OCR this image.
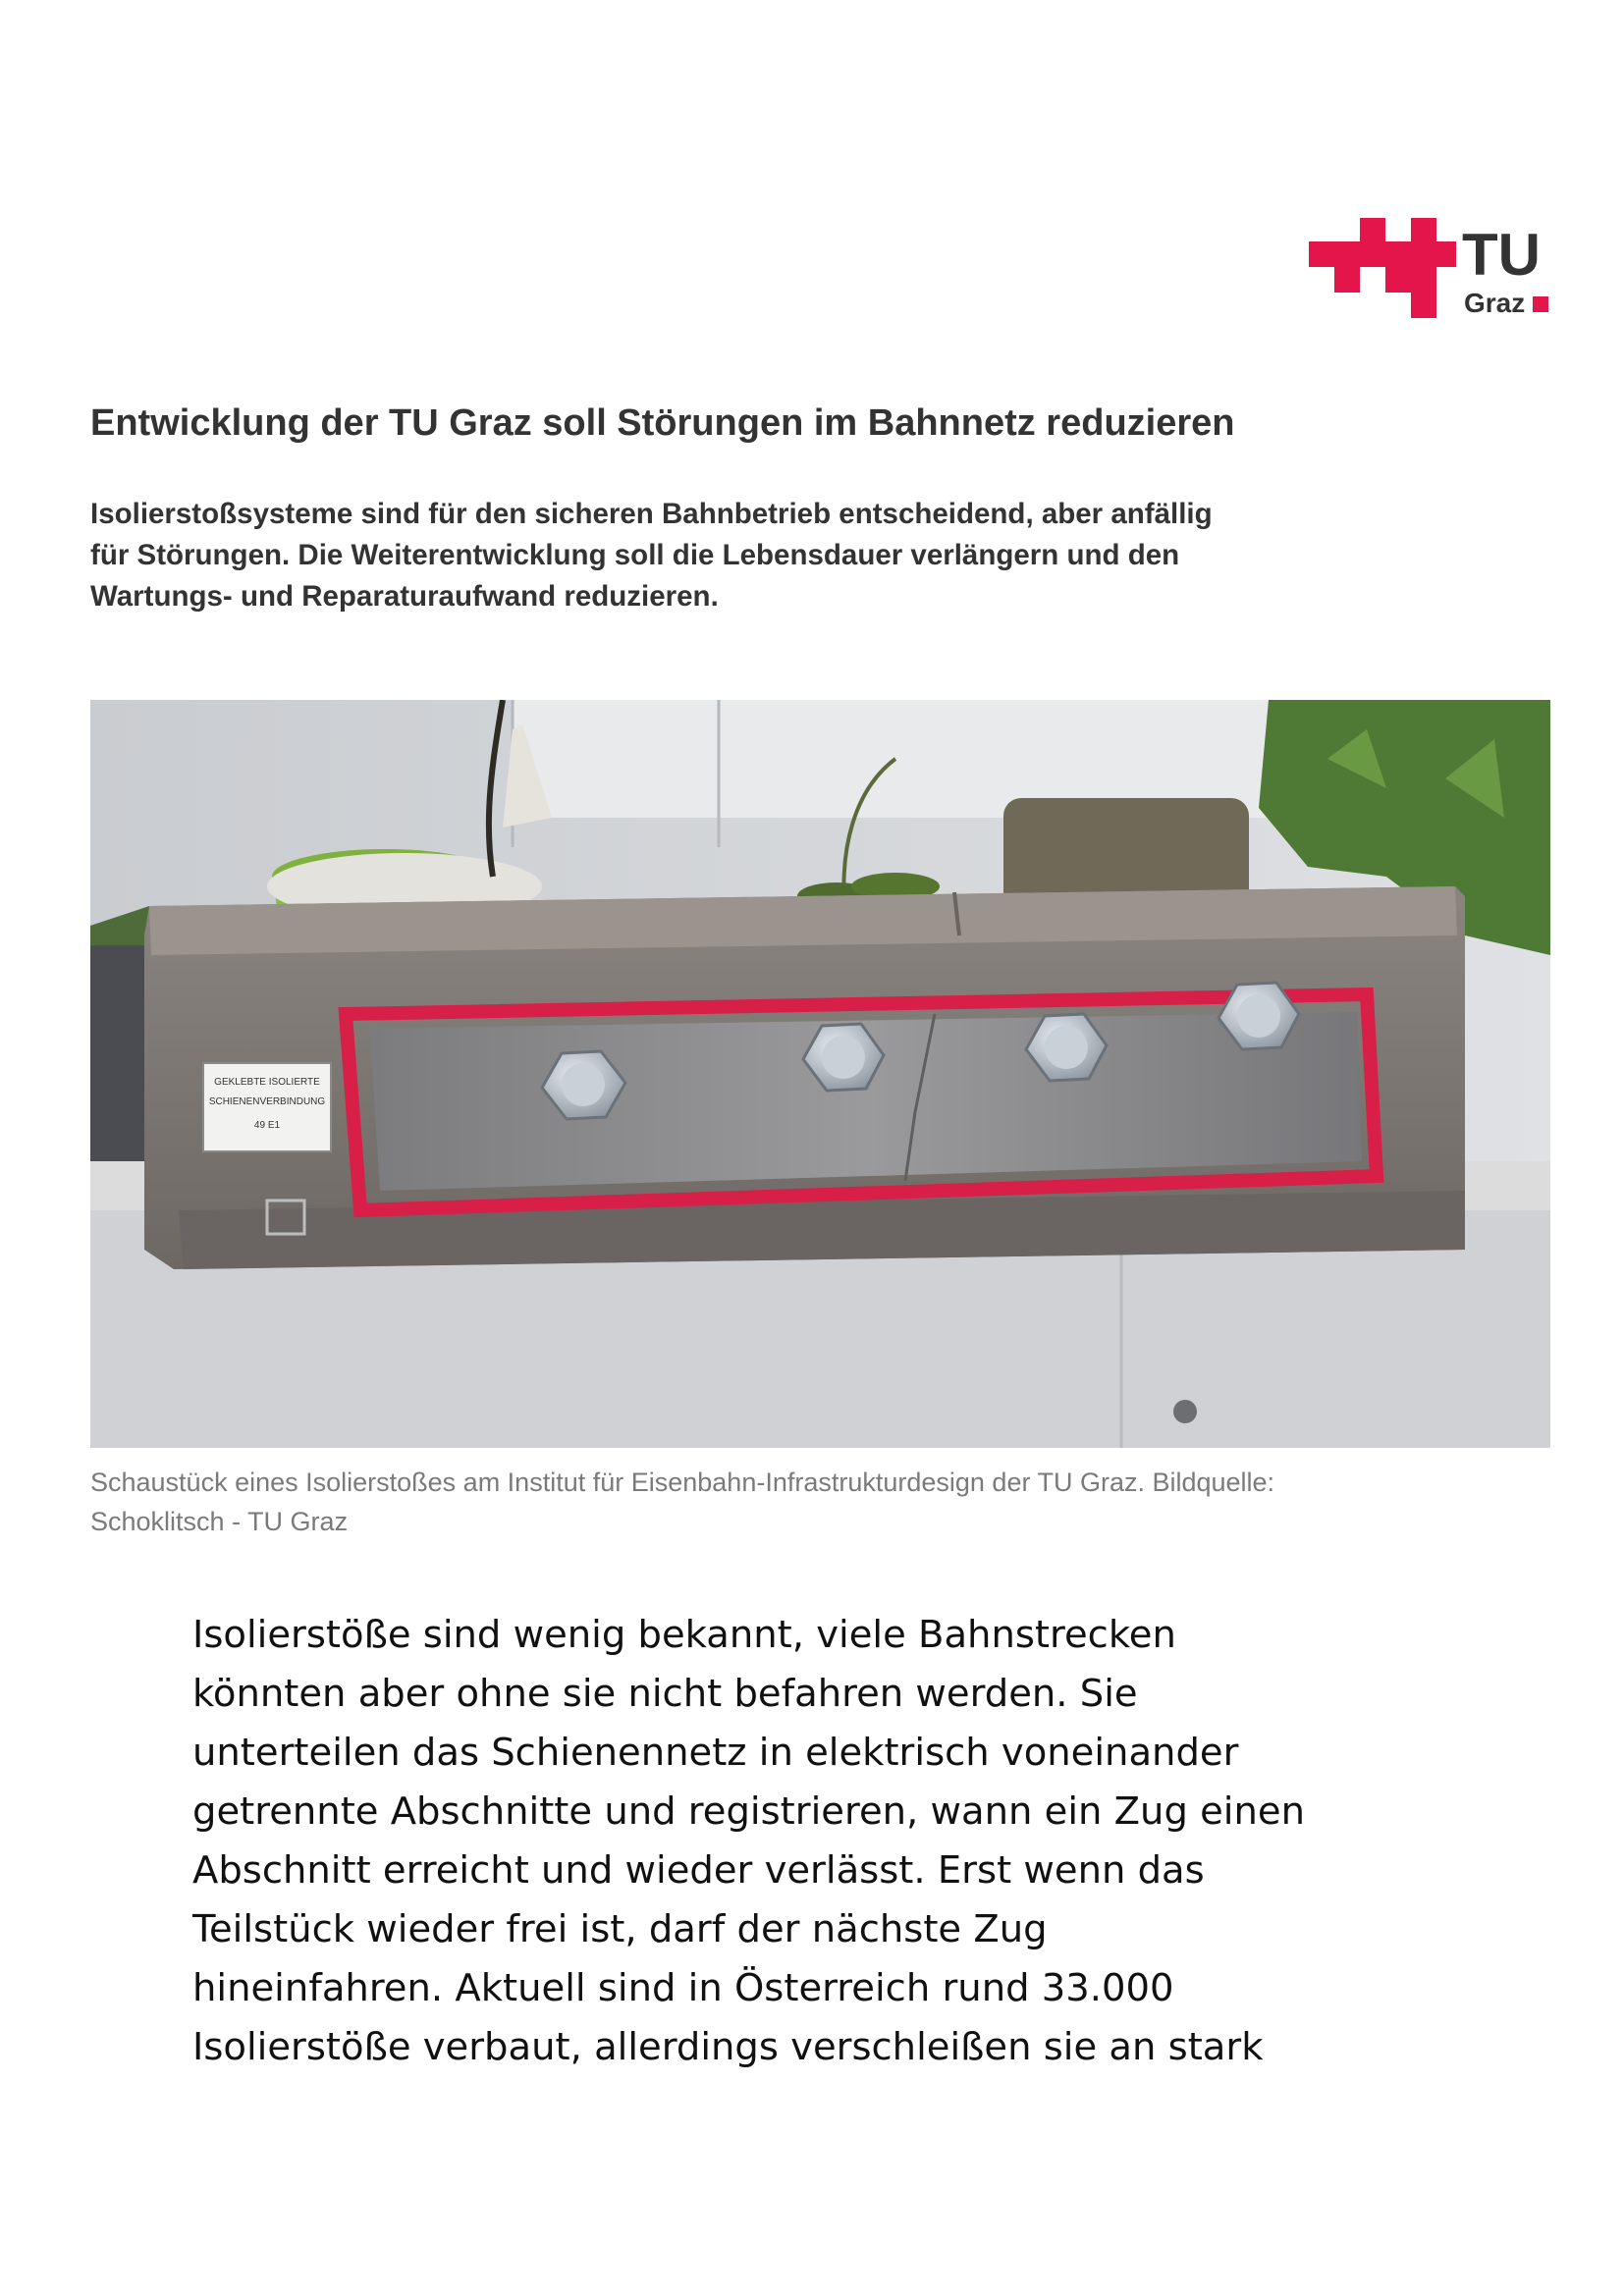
TU
Graz
Entwicklung der TU Graz soll Störungen im Bahnnetz reduzieren

Isolierstoßsysteme sind für den sicheren Bahnbetrieb entscheidend, aber anfällig
für Störungen. Die Weiterentwicklung soll die Lebensdauer verlängern und den
Wartungs- und Reparaturaufwand reduzieren.

GEKLEBTE ISOLIERTE
SCHIENENVERBINDUNG
49 E1

Schaustück eines Isolierstoßes am Institut für Eisenbahn-Infrastrukturdesign der TU Graz. Bildquelle:
Schoklitsch - TU Graz

Isolierstöße sind wenig bekannt, viele Bahnstrecken
könnten aber ohne sie nicht befahren werden. Sie
unterteilen das Schienennetz in elektrisch voneinander
getrennte Abschnitte und registrieren, wann ein Zug einen
Abschnitt erreicht und wieder verlässt. Erst wenn das
Teilstück wieder frei ist, darf der nächste Zug
hineinfahren. Aktuell sind in Österreich rund 33.000
Isolierstöße verbaut, allerdings verschleißen sie an stark
